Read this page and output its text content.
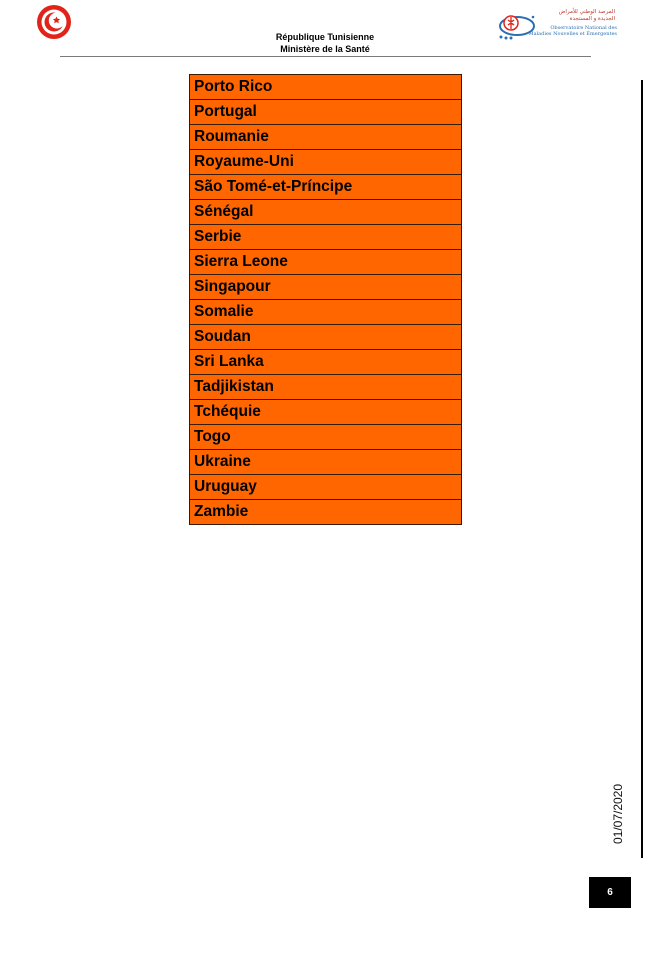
République Tunisienne
Ministère de la Santé
المرصد الوطني للأمراض
الجديدة و المستجدة
Observatoire National des
Maladies Nouvelles et Émergentes
Porto Rico
Portugal
Roumanie
Royaume-Uni
São Tomé-et-Príncipe
Sénégal
Serbie
Sierra Leone
Singapour
Somalie
Soudan
Sri Lanka
Tadjikistan
Tchéquie
Togo
Ukraine
Uruguay
Zambie
01/07/2020
6
